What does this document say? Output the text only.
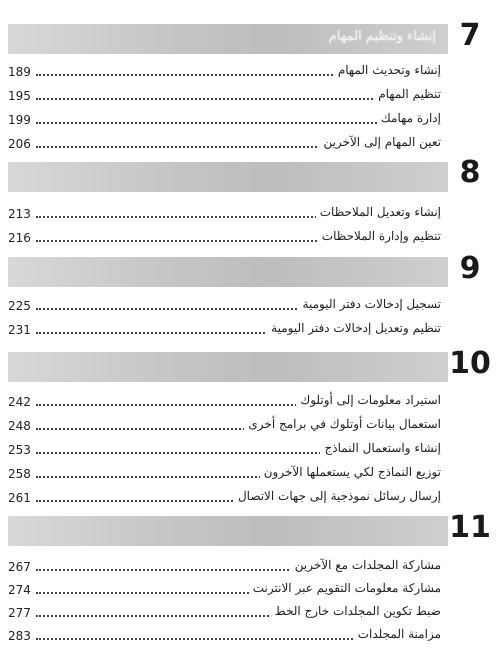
إنشاء وتنظيم المهام 7
189	إنشاء وتحديث المهام
195	تنظيم المهام
199	إدارة مهامك
206	تعين المهام إلى الآخرين
8
213	إنشاء وتعديل الملاحظات
216	تنظيم وإدارة الملاحظات
9
225	تسجيل إدخالات دفتر اليومية
231	تنظيم وتعديل إدخالات دفتر اليومية
10
242	استيراد معلومات إلى أوتلوك
248	استعمال بيانات أوتلوك في برامج أخرى
253	إنشاء واستعمال النماذج
258	توزيع النماذج لكي يستعملها الآخرون
261	إرسال رسائل نموذجية إلى جهات الاتصال
11
267	مشاركة المجلدات مع الآخرين
274	مشاركة معلومات التقويم عبر الانترنت
277	ضبط تكوين المجلدات خارج الخط
283	مزامنة المجلدات
